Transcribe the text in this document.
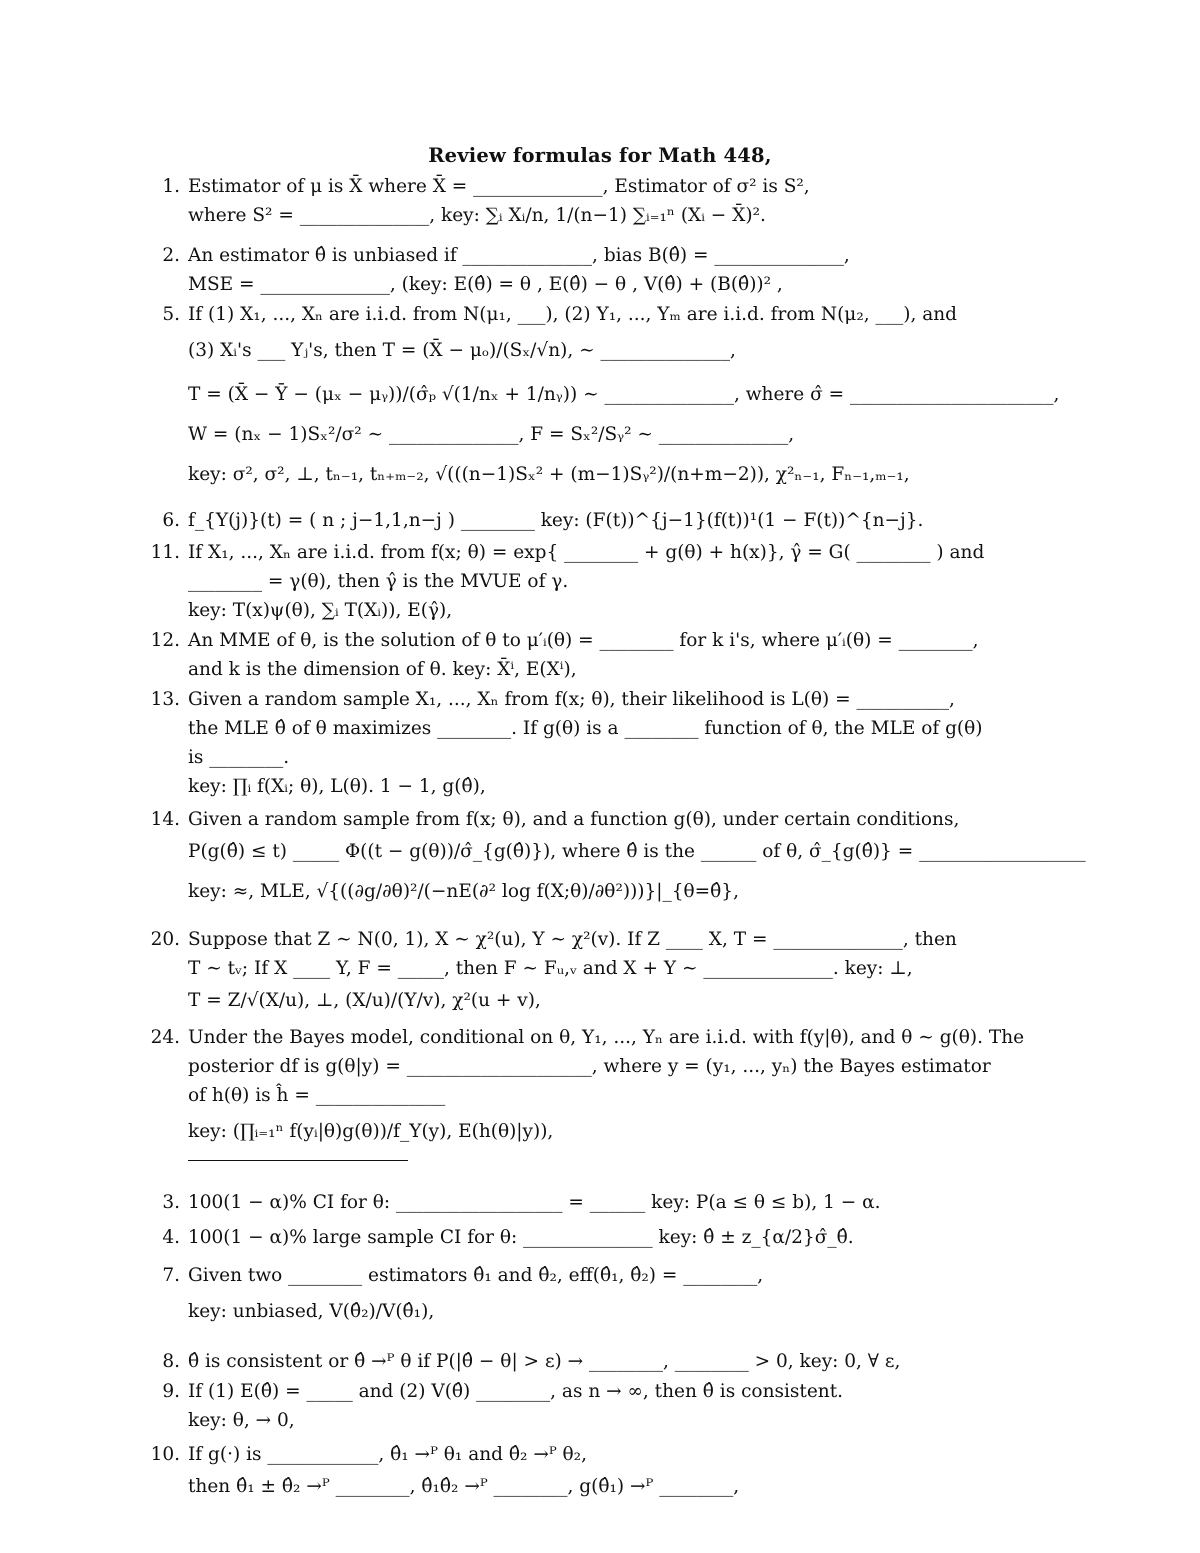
Review formulas for Math 448,
1. Estimator of μ is X̄ where X̄ = ______________, Estimator of σ² is S²,
where S² = ______________, key: ∑ᵢ Xᵢ/n, 1/(n−1) ∑ᵢ₌₁ⁿ (Xᵢ − X̄)².
2. An estimator θ̂ is unbiased if ______________, bias B(θ̂) = ______________,
MSE = ______________, (key: E(θ̂) = θ , E(θ̂) − θ , V(θ̂) + (B(θ̂))² ,
5. If (1) X₁, ..., Xₙ are i.i.d. from N(μ₁, ___), (2) Y₁, ..., Yₘ are i.i.d. from N(μ₂, ___), and
(3) Xᵢ's ___ Yⱼ's, then T = (X̄ − μₒ)/(Sₓ/√n), ∼ ______________,
T = (X̄ − Ȳ − (μₓ − μᵧ))/(σ̂ₚ √(1/nₓ + 1/nᵧ)) ∼ ______________, where σ̂ = ______________________,
W = (nₓ − 1)Sₓ²/σ² ∼ ______________, F = Sₓ²/Sᵧ² ∼ ______________,
key: σ², σ², ⊥, tₙ₋₁, tₙ₊ₘ₋₂, √(((n−1)Sₓ² + (m−1)Sᵧ²)/(n+m−2)), χ²ₙ₋₁, Fₙ₋₁,ₘ₋₁,
6. f_{Y(j)}(t) = ( n ; j−1,1,n−j ) ________ key: (F(t))^{j−1}(f(t))¹(1 − F(t))^{n−j}.
11. If X₁, ..., Xₙ are i.i.d. from f(x; θ) = exp{ ________ + g(θ) + h(x)}, γ̂ = G( ________ ) and
________ = γ(θ), then γ̂ is the MVUE of γ.
key: T(x)ψ(θ), ∑ᵢ T(Xᵢ)), E(γ̂),
12. An MME of θ, is the solution of θ to μ′ᵢ(θ) = ________ for k i's, where μ′ᵢ(θ) = ________,
and k is the dimension of θ. key: X̄ⁱ, E(Xⁱ),
13. Given a random sample X₁, ..., Xₙ from f(x; θ), their likelihood is L(θ) = __________,
the MLE θ̂ of θ maximizes ________. If g(θ) is a ________ function of θ, the MLE of g(θ)
is ________.
key: ∏ᵢ f(Xᵢ; θ), L(θ). 1 − 1, g(θ̂),
14. Given a random sample from f(x; θ), and a function g(θ), under certain conditions,
P(g(θ̂) ≤ t) _____ Φ((t − g(θ))/σ̂_{g(θ̂)}), where θ̂ is the ______ of θ, σ̂_{g(θ̂)} = __________________
key: ≈, MLE, √{((∂g/∂θ)²/(−nE(∂² log f(X;θ)/∂θ²)))}|_{θ=θ̂},
20. Suppose that Z ∼ N(0, 1), X ∼ χ²(u), Y ∼ χ²(v). If Z ____ X, T = ______________, then
T ∼ tᵥ; If X ____ Y, F = _____, then F ∼ Fᵤ,ᵥ and X + Y ∼ ______________. key: ⊥,
T = Z/√(X/u), ⊥, (X/u)/(Y/v), χ²(u + v),
24. Under the Bayes model, conditional on θ, Y₁, ..., Yₙ are i.i.d. with f(y|θ), and θ ∼ g(θ). The
posterior df is g(θ|y) = ____________________, where y = (y₁, ..., yₙ) the Bayes estimator
of h(θ) is ĥ = ______________
key: (∏ᵢ₌₁ⁿ f(yᵢ|θ)g(θ))/f_Y(y), E(h(θ)|y)),
3. 100(1 − α)% CI for θ: __________________ = ______ key: P(a ≤ θ ≤ b), 1 − α.
4. 100(1 − α)% large sample CI for θ: ______________ key: θ̂ ± z_{α/2}σ̂_θ̂.
7. Given two ________ estimators θ̂₁ and θ̂₂, eff(θ̂₁, θ̂₂) = ________,
key: unbiased, V(θ̂₂)/V(θ̂₁),
8. θ̂ is consistent or θ̂ →ᴾ θ if P(|θ̂ − θ| > ε) → ________, ________ > 0, key: 0, ∀ ε,
9. If (1) E(θ̂) = _____ and (2) V(θ̂) ________, as n → ∞, then θ̂ is consistent.
key: θ, → 0,
10. If g(·) is ____________, θ̂₁ →ᴾ θ₁ and θ̂₂ →ᴾ θ₂,
then θ̂₁ ± θ̂₂ →ᴾ ________, θ̂₁θ̂₂ →ᴾ ________, g(θ̂₁) →ᴾ ________,
